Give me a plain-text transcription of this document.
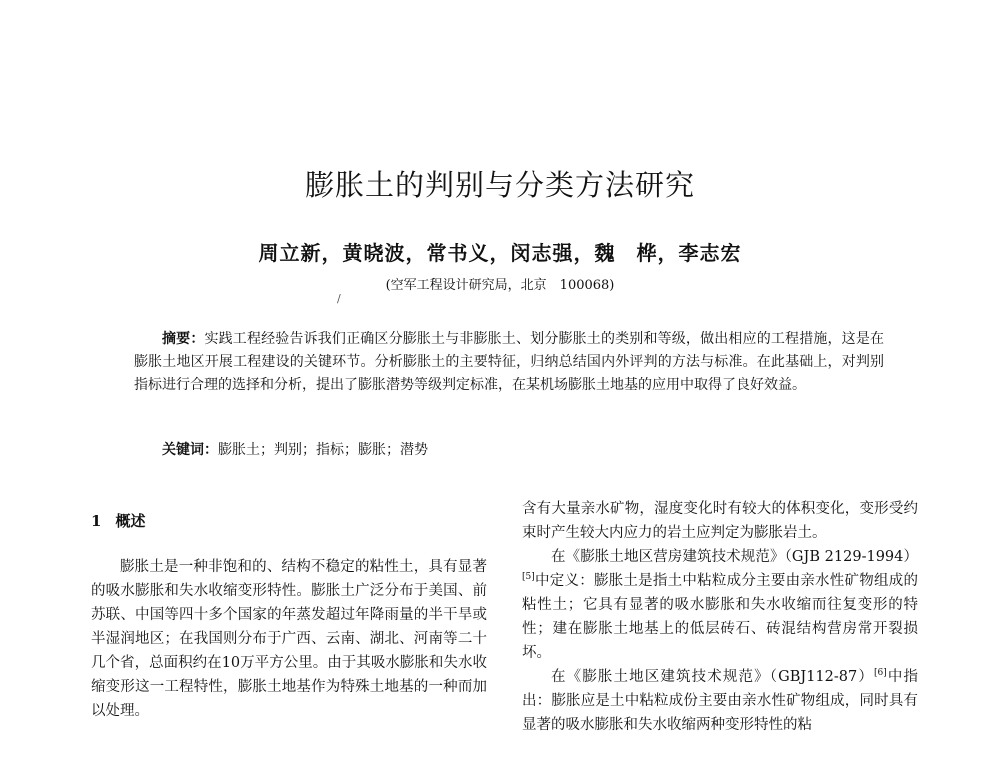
膨胀土的判别与分类方法研究
周立新，黄晓波，常书义，闵志强，魏　桦，李志宏
(空军工程设计研究局，北京　100068)
/
摘要：实践工程经验告诉我们正确区分膨胀土与非膨胀土、划分膨胀土的类别和等级，做出相应的工程措施，这是在膨胀土地区开展工程建设的关键环节。分析膨胀土的主要特征，归纳总结国内外评判的方法与标准。在此基础上，对判别指标进行合理的选择和分析，提出了膨胀潜势等级判定标准，在某机场膨胀土地基的应用中取得了良好效益。
关键词：膨胀土；判别；指标；膨胀；潜势
1 概述

膨胀土是一种非饱和的、结构不稳定的粘性土，具有显著的吸水膨胀和失水收缩变形特性。膨胀土广泛分布于美国、前苏联、中国等四十多个国家的年蒸发超过年降雨量的半干旱或半湿润地区；在我国则分布于广西、云南、湖北、河南等二十几个省，总面积约在10万平方公里。由于其吸水膨胀和失水收缩变形这一工程特性，膨胀土地基作为特殊土地基的一种而加以处理。

含有大量亲水矿物，湿度变化时有较大的体积变化，变形受约束时产生较大内应力的岩土应判定为膨胀岩土。

在《膨胀土地区营房建筑技术规范》（GJB 2129-1994）[5]中定义：膨胀土是指土中粘粒成分主要由亲水性矿物组成的粘性土；它具有显著的吸水膨胀和失水收缩而往复变形的特性；建在膨胀土地基上的低层砖石、砖混结构营房常开裂损坏。

在《膨胀土地区建筑技术规范》（GBJ112-87）[6]中指出：膨胀应是土中粘粒成份主要由亲水性矿物组成，同时具有显著的吸水膨胀和失水收缩两种变形特性的粘
